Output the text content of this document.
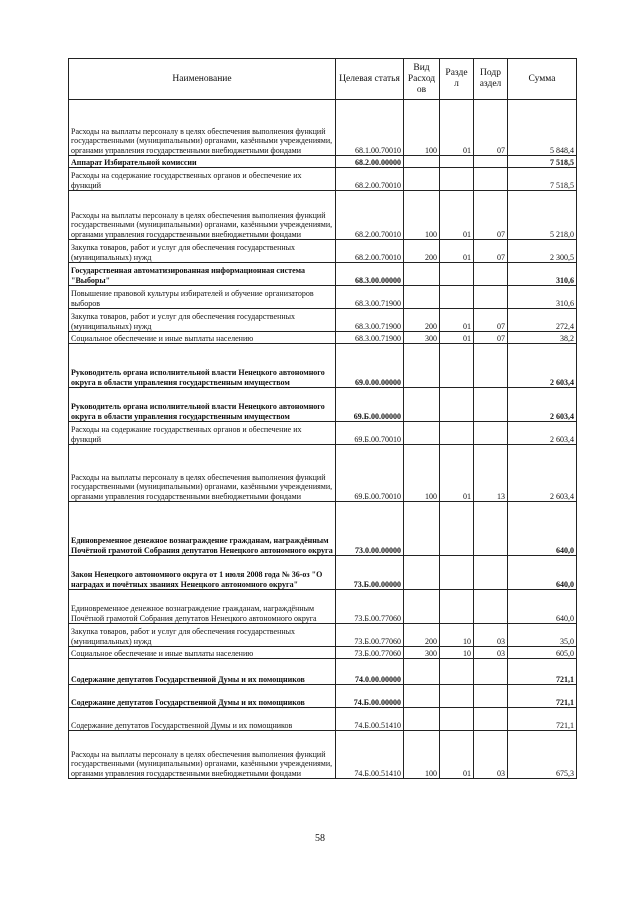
Наименование	Целевая статья	Вид Расход ов	Разде л	Подр аздел	Сумма
Расходы на выплаты персоналу в целях обеспечения выполнения функций государственными (муниципальными) органами, казёнными учреждениями, органами управления государственными внебюджетными фондами	68.1.00.70010	100	01	07	5 848,4
Аппарат Избирательной комиссии	68.2.00.00000				7 518,5
Расходы на содержание государственных органов и обеспечение их функций	68.2.00.70010				7 518,5
Расходы на выплаты персоналу в целях обеспечения выполнения функций государственными (муниципальными) органами, казёнными учреждениями, органами управления государственными внебюджетными фондами	68.2.00.70010	100	01	07	5 218,0
Закупка товаров, работ и услуг для обеспечения государственных (муниципальных) нужд	68.2.00.70010	200	01	07	2 300,5
Государственная автоматизированная информационная система "Выборы"	68.3.00.00000				310,6
Повышение правовой культуры избирателей и обучение организаторов выборов	68.3.00.71900				310,6
Закупка товаров, работ и услуг для обеспечения государственных (муниципальных) нужд	68.3.00.71900	200	01	07	272,4
Социальное обеспечение и иные выплаты населению	68.3.00.71900	300	01	07	38,2
Руководитель органа исполнительной власти Ненецкого автономного округа в области управления государственным имуществом	69.0.00.00000				2 603,4
Руководитель органа исполнительной власти Ненецкого автономного округа в области управления государственным имуществом	69.Б.00.00000				2 603,4
Расходы на содержание государственных органов и обеспечение их функций	69.Б.00.70010				2 603,4
Расходы на выплаты персоналу в целях обеспечения выполнения функций государственными (муниципальными) органами, казёнными учреждениями, органами управления государственными внебюджетными фондами	69.Б.00.70010	100	01	13	2 603,4
Единовременное денежное вознаграждение гражданам, награждённым Почётной грамотой Собрания депутатов Ненецкого автономного округа	73.0.00.00000				640,0
Закон Ненецкого автономного округа от 1 июля 2008 года № 36-оз "О наградах и почётных званиях Ненецкого автономного округа"	73.Б.00.00000				640,0
Единовременное денежное вознаграждение гражданам, награждённым Почётной грамотой Собрания депутатов Ненецкого автономного округа	73.Б.00.77060				640,0
Закупка товаров, работ и услуг для обеспечения государственных (муниципальных) нужд	73.Б.00.77060	200	10	03	35,0
Социальное обеспечение и иные выплаты населению	73.Б.00.77060	300	10	03	605,0
Содержание депутатов Государственной Думы и их помощников	74.0.00.00000				721,1
Содержание депутатов Государственной Думы и их помощников	74.Б.00.00000				721,1
Содержание депутатов Государственной Думы и их помощников	74.Б.00.51410				721,1
Расходы на выплаты персоналу в целях обеспечения выполнения функций государственными (муниципальными) органами, казёнными учреждениями, органами управления государственными внебюджетными фондами	74.Б.00.51410	100	01	03	675,3
58
